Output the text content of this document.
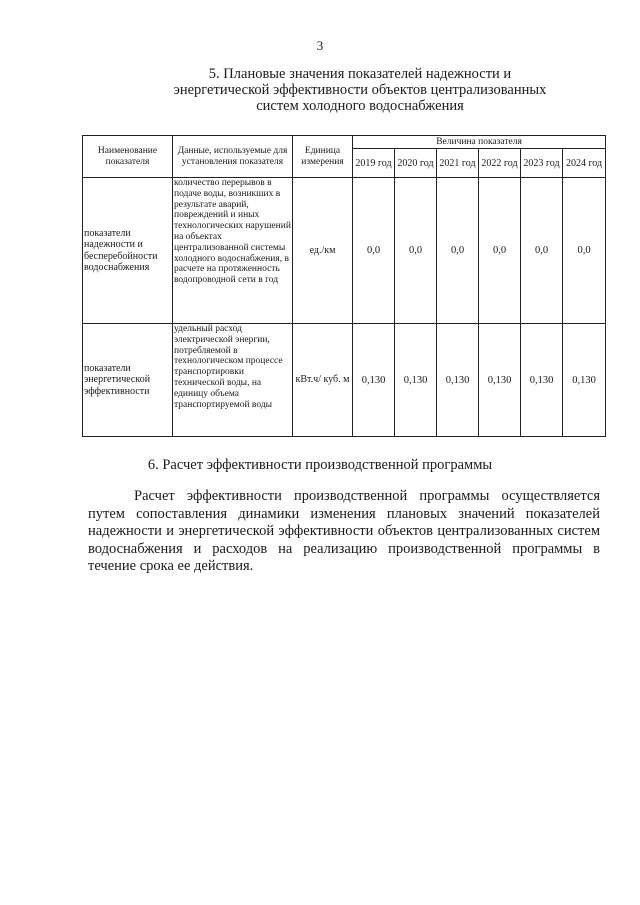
3
5. Плановые значения показателей надежности и
энергетической эффективности объектов централизованных
систем холодного водоснабжения
Наименование показателя	Данные, используемые для установления показателя	Единица измерения	Величина показателя					
			2019 год	2020 год	2021 год	2022 год	2023 год	2024 год
показатели надежности и бесперебойности водоснабжения	количество перерывов в подаче воды, возникших в результате аварий, повреждений и иных технологических нарушений на объектах централизованной системы холодного водоснабжения, в расчете на протяженность водопроводной сети в год	ед./км	0,0	0,0	0,0	0,0	0,0	0,0
показатели энергетической эффективности	удельный расход электрической энергии, потребляемой в технологическом процессе транспортировки технической воды, на единицу объема транспортируемой воды	кВт.ч/ куб. м	0,130	0,130	0,130	0,130	0,130	0,130
6. Расчет эффективности производственной программы

Расчет эффективности производственной программы осуществляется путем сопоставления динамики изменения плановых значений показателей надежности и энергетической эффективности объектов централизованных систем водоснабжения и расходов на реализацию производственной программы в течение срока ее действия.
